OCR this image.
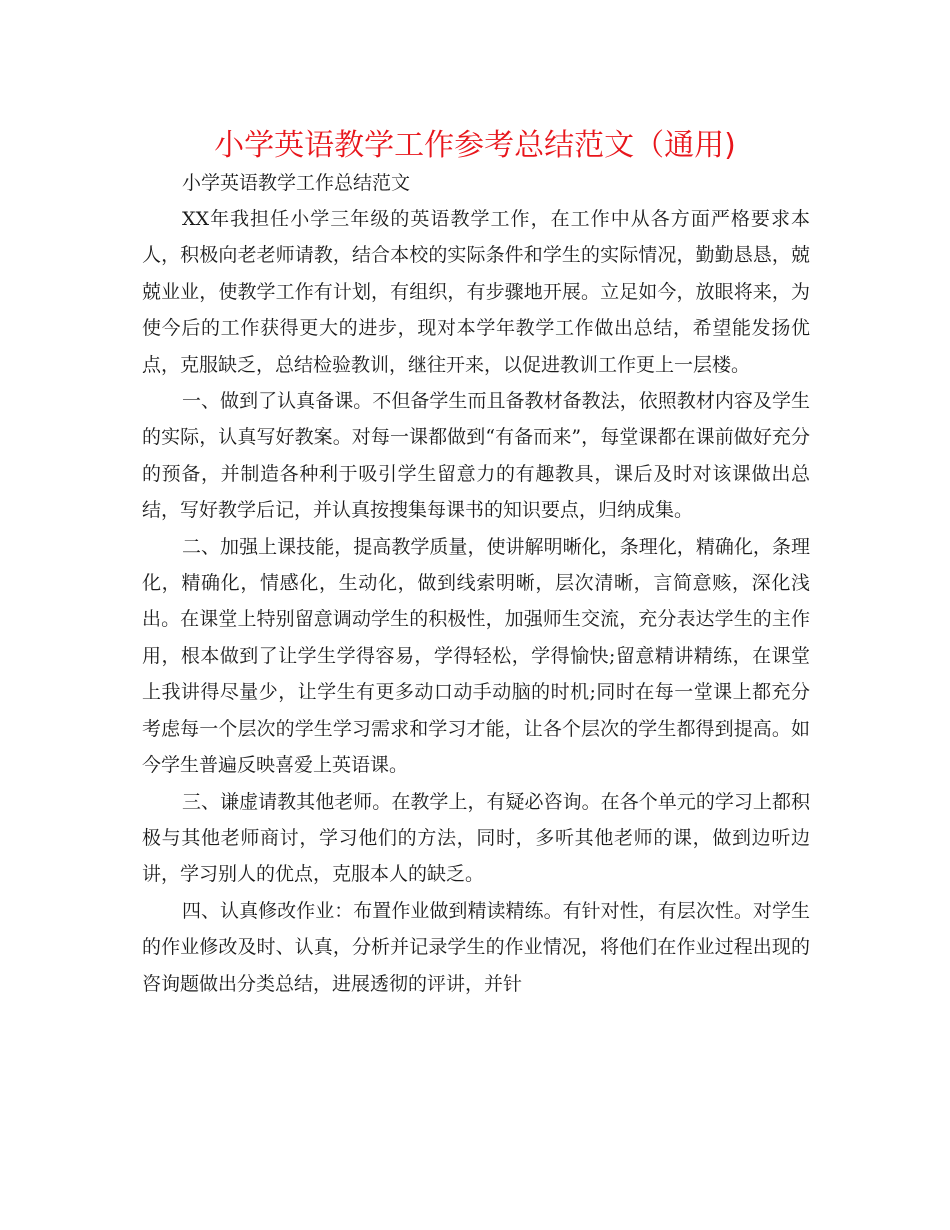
小学英语教学工作参考总结范文（通用)

小学英语教学工作总结范文

XX年我担任小学三年级的英语教学工作，在工作中从各方面严格要求本人，积极向老老师请教，结合本校的实际条件和学生的实际情况，勤勤恳恳，兢兢业业，使教学工作有计划，有组织，有步骤地开展。立足如今，放眼将来，为使今后的工作获得更大的进步，现对本学年教学工作做出总结，希望能发扬优点，克服缺乏，总结检验教训，继往开来，以促进教训工作更上一层楼。

一、做到了认真备课。不但备学生而且备教材备教法，依照教材内容及学生的实际，认真写好教案。对每一课都做到“有备而来”，每堂课都在课前做好充分的预备，并制造各种利于吸引学生留意力的有趣教具，课后及时对该课做出总结，写好教学后记，并认真按搜集每课书的知识要点，归纳成集。

二、加强上课技能，提高教学质量，使讲解明晰化，条理化，精确化，条理化，精确化，情感化，生动化，做到线索明晰，层次清晰，言简意赅，深化浅出。在课堂上特别留意调动学生的积极性，加强师生交流，充分表达学生的主作用，根本做到了让学生学得容易，学得轻松，学得愉快;留意精讲精练，在课堂上我讲得尽量少，让学生有更多动口动手动脑的时机;同时在每一堂课上都充分考虑每一个层次的学生学习需求和学习才能，让各个层次的学生都得到提高。如今学生普遍反映喜爱上英语课。

三、谦虚请教其他老师。在教学上，有疑必咨询。在各个单元的学习上都积极与其他老师商讨，学习他们的方法，同时，多听其他老师的课，做到边听边讲，学习别人的优点，克服本人的缺乏。

四、认真修改作业：布置作业做到精读精练。有针对性，有层次性。对学生的作业修改及时、认真，分析并记录学生的作业情况，将他们在作业过程出现的咨询题做出分类总结，进展透彻的评讲，并针
